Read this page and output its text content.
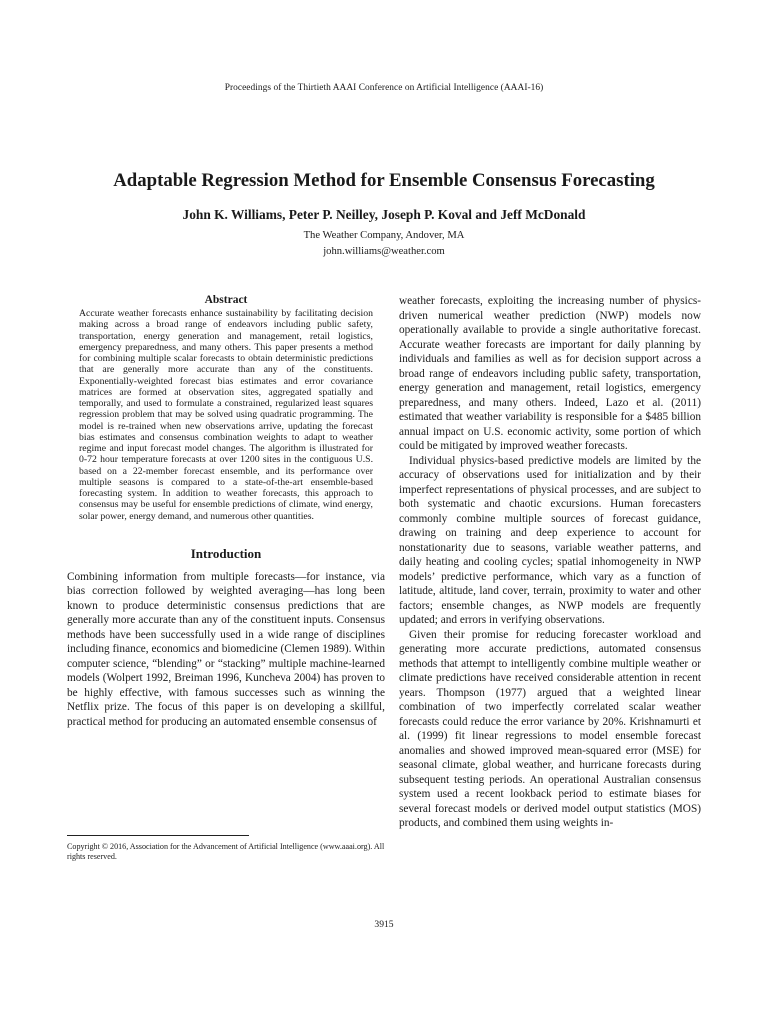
Proceedings of the Thirtieth AAAI Conference on Artificial Intelligence (AAAI-16)
Adaptable Regression Method for Ensemble Consensus Forecasting
John K. Williams, Peter P. Neilley, Joseph P. Koval and Jeff McDonald
The Weather Company, Andover, MA
john.williams@weather.com
Abstract

Accurate weather forecasts enhance sustainability by facilitating decision making across a broad range of endeavors including public safety, transportation, energy generation and management, retail logistics, emergency preparedness, and many others. This paper presents a method for combining multiple scalar forecasts to obtain deterministic predictions that are generally more accurate than any of the constituents. Exponentially-weighted forecast bias estimates and error covariance matrices are formed at observation sites, aggregated spatially and temporally, and used to formulate a constrained, regularized least squares regression problem that may be solved using quadratic programming. The model is re-trained when new observations arrive, updating the forecast bias estimates and consensus combination weights to adapt to weather regime and input forecast model changes. The algorithm is illustrated for 0-72 hour temperature forecasts at over 1200 sites in the contiguous U.S. based on a 22-member forecast ensemble, and its performance over multiple seasons is compared to a state-of-the-art ensemble-based forecasting system. In addition to weather forecasts, this approach to consensus may be useful for ensemble predictions of climate, wind energy, solar power, energy demand, and numerous other quantities.

Introduction

Combining information from multiple forecasts—for instance, via bias correction followed by weighted averaging—has long been known to produce deterministic consensus predictions that are generally more accurate than any of the constituent inputs. Consensus methods have been successfully used in a wide range of disciplines including finance, economics and biomedicine (Clemen 1989). Within computer science, “blending” or “stacking” multiple machine-learned models (Wolpert 1992, Breiman 1996, Kuncheva 2004) has proven to be highly effective, with famous successes such as winning the Netflix prize. The focus of this paper is on developing a skillful, practical method for producing an automated ensemble consensus of

weather forecasts, exploiting the increasing number of physics-driven numerical weather prediction (NWP) models now operationally available to provide a single authoritative forecast. Accurate weather forecasts are important for daily planning by individuals and families as well as for decision support across a broad range of endeavors including public safety, transportation, energy generation and management, retail logistics, emergency preparedness, and many others. Indeed, Lazo et al. (2011) estimated that weather variability is responsible for a $485 billion annual impact on U.S. economic activity, some portion of which could be mitigated by improved weather forecasts.

Individual physics-based predictive models are limited by the accuracy of observations used for initialization and by their imperfect representations of physical processes, and are subject to both systematic and chaotic excursions. Human forecasters commonly combine multiple sources of forecast guidance, drawing on training and deep experience to account for nonstationarity due to seasons, variable weather patterns, and daily heating and cooling cycles; spatial inhomogeneity in NWP models’ predictive performance, which vary as a function of latitude, altitude, land cover, terrain, proximity to water and other factors; ensemble changes, as NWP models are frequently updated; and errors in verifying observations.

Given their promise for reducing forecaster workload and generating more accurate predictions, automated consensus methods that attempt to intelligently combine multiple weather or climate predictions have received considerable attention in recent years. Thompson (1977) argued that a weighted linear combination of two imperfectly correlated scalar weather forecasts could reduce the error variance by 20%. Krishnamurti et al. (1999) fit linear regressions to model ensemble forecast anomalies and showed improved mean-squared error (MSE) for seasonal climate, global weather, and hurricane forecasts during subsequent testing periods. An operational Australian consensus system used a recent lookback period to estimate biases for several forecast models or derived model output statistics (MOS) products, and combined them using weights in-

Copyright © 2016, Association for the Advancement of Artificial Intelligence (www.aaai.org). All rights reserved.
3915
